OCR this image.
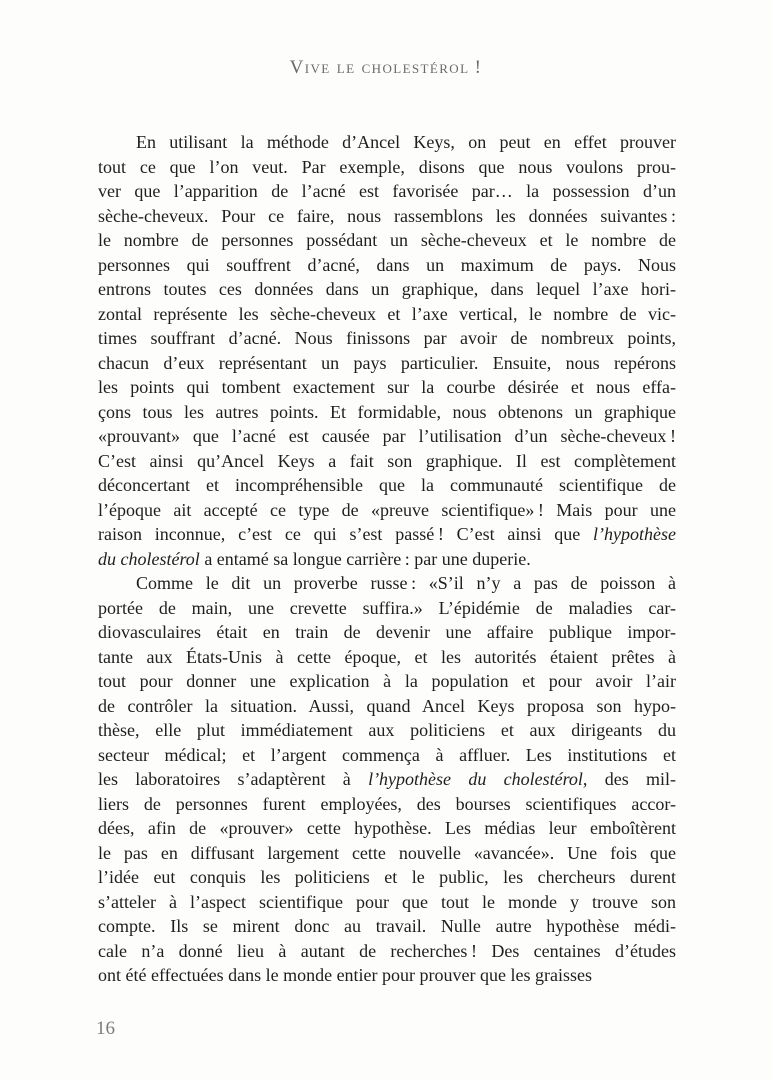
Vive le cholestérol !
En utilisant la méthode d’Ancel Keys, on peut en effet prouver
tout ce que l’on veut. Par exemple, disons que nous voulons prou-
ver que l’apparition de l’acné est favorisée par… la possession d’un
sèche-cheveux. Pour ce faire, nous rassemblons les données suivantes :
le nombre de personnes possédant un sèche-cheveux et le nombre de
personnes qui souffrent d’acné, dans un maximum de pays. Nous
entrons toutes ces données dans un graphique, dans lequel l’axe hori-
zontal représente les sèche-cheveux et l’axe vertical, le nombre de vic-
times souffrant d’acné. Nous finissons par avoir de nombreux points,
chacun d’eux représentant un pays particulier. Ensuite, nous repérons
les points qui tombent exactement sur la courbe désirée et nous effa-
çons tous les autres points. Et formidable, nous obtenons un graphique
«prouvant» que l’acné est causée par l’utilisation d’un sèche-cheveux !
C’est ainsi qu’Ancel Keys a fait son graphique. Il est complètement
déconcertant et incompréhensible que la communauté scientifique de
l’époque ait accepté ce type de «preuve scientifique» ! Mais pour une
raison inconnue, c’est ce qui s’est passé ! C’est ainsi que l’hypothèse
du cholestérol a entamé sa longue carrière : par une duperie.
Comme le dit un proverbe russe : «S’il n’y a pas de poisson à
portée de main, une crevette suffira.» L’épidémie de maladies car-
diovasculaires était en train de devenir une affaire publique impor-
tante aux États-Unis à cette époque, et les autorités étaient prêtes à
tout pour donner une explication à la population et pour avoir l’air
de contrôler la situation. Aussi, quand Ancel Keys proposa son hypo-
thèse, elle plut immédiatement aux politiciens et aux dirigeants du
secteur médical; et l’argent commença à affluer. Les institutions et
les laboratoires s’adaptèrent à l’hypothèse du cholestérol, des mil-
liers de personnes furent employées, des bourses scientifiques accor-
dées, afin de «prouver» cette hypothèse. Les médias leur emboîtèrent
le pas en diffusant largement cette nouvelle «avancée». Une fois que
l’idée eut conquis les politiciens et le public, les chercheurs durent
s’atteler à l’aspect scientifique pour que tout le monde y trouve son
compte. Ils se mirent donc au travail. Nulle autre hypothèse médi-
cale n’a donné lieu à autant de recherches ! Des centaines d’études
ont été effectuées dans le monde entier pour prouver que les graisses
16
